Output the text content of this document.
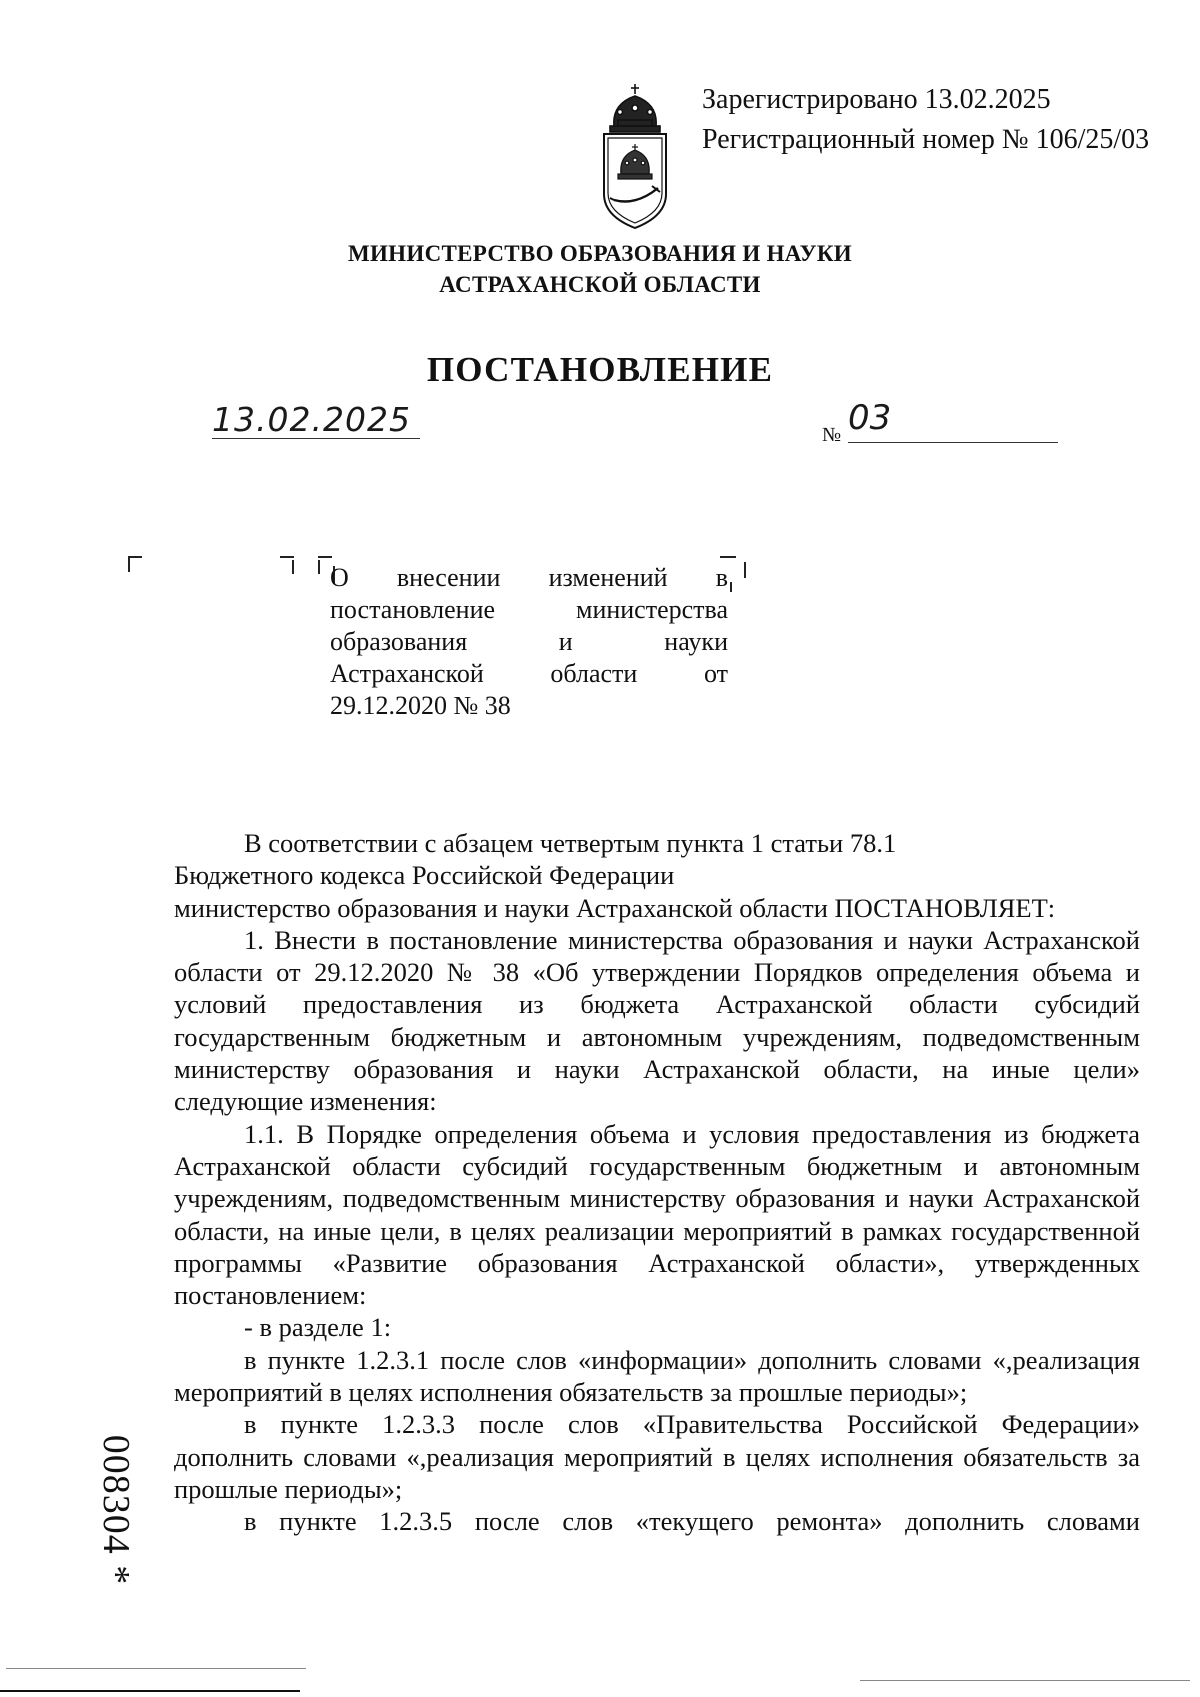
Зарегистрировано 13.02.2025
Регистрационный номер № 106/25/03
МИНИСТЕРСТВО ОБРАЗОВАНИЯ И НАУКИ
АСТРАХАНСКОЙ ОБЛАСТИ
ПОСТАНОВЛЕНИЕ
13.02.2025	№ 03
О внесении изменений в
постановление	министерства
образования	и	науки
Астраханской	области	от
29.12.2020 № 38

В соответствии с абзацем четвертым пункта 1 статьи 78.1 Бюджетного кодекса Российской Федерации

министерство образования и науки Астраханской области ПОСТАНОВЛЯЕТ:

1. Внести в постановление министерства образования и науки Астраханской области от 29.12.2020 № 38 «Об утверждении Порядков определения объема и условий предоставления из бюджета Астраханской области субсидий государственным бюджетным и автономным учреждениям, подведомственным министерству образования и науки Астраханской области, на иные цели» следующие изменения:

1.1. В Порядке определения объема и условия предоставления из бюджета Астраханской области субсидий государственным бюджетным и автономным учреждениям, подведомственным министерству образования и науки Астраханской области, на иные цели, в целях реализации мероприятий в рамках государственной программы «Развитие образования Астраханской области», утвержденных постановлением:

- в разделе 1:

в пункте 1.2.3.1 после слов «информации» дополнить словами «,реализация мероприятий в целях исполнения обязательств за прошлые периоды»;

в пункте 1.2.3.3 после слов «Правительства Российской Федерации» дополнить словами «,реализация мероприятий в целях исполнения обязательств за прошлые периоды»;

в пункте 1.2.3.5 после слов «текущего ремонта» дополнить словами

008304 *
